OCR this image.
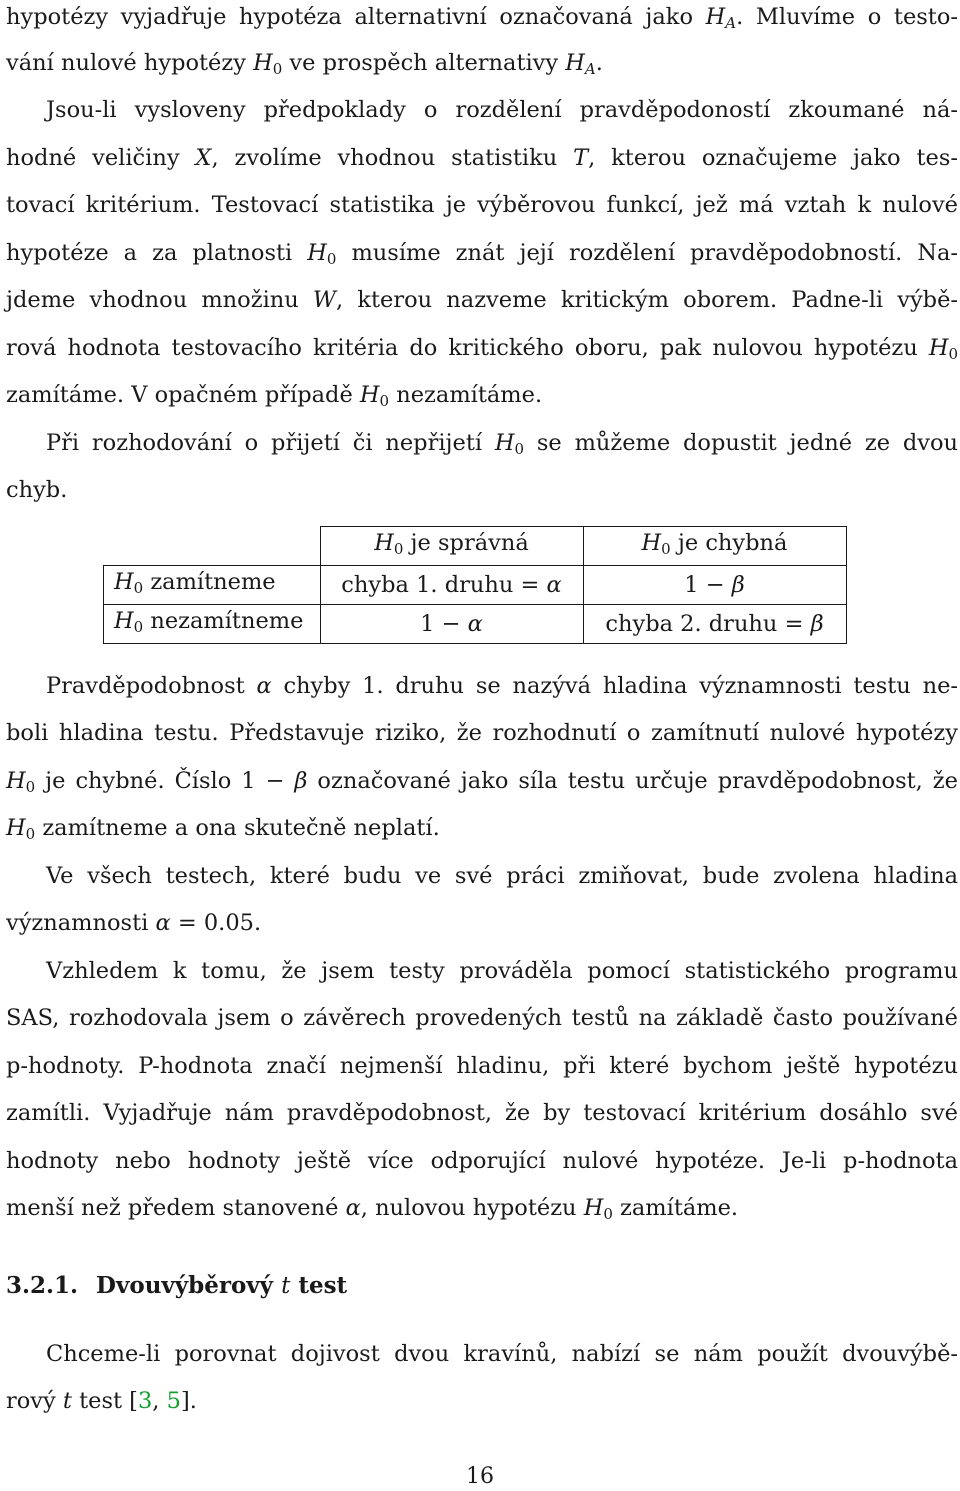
hypotézy vyjadřuje hypotéza alternativní označovaná jako HA. Mluvíme o testo-
vání nulové hypotézy $H_0$ ve prospěch alternativy HA.
Jsou-li vysloveny předpoklady o rozdělení pravděpodoností zkoumané ná-
hodné veličiny X, zvolíme vhodnou statistiku T, kterou označujeme jako tes-
tovací kritérium. Testovací statistika je výběrovou funkcí, jež má vztah k nulové
hypotéze a za platnosti $H_0$ musíme znát její rozdělení pravděpodobností. Na-
jdeme vhodnou množinu W, kterou nazveme kritickým oborem. Padne-li výbě-
rová hodnota testovacího kritéria do kritického oboru, pak nulovou hypotézu $H_0$
zamítáme. V opačném případě $H_0$ nezamítáme.
Při rozhodování o přijetí či nepřijetí $H_0$ se můžeme dopustit jedné ze dvou
chyb.
	$H_0$ je správná	$H_0$ je chybná
$H_0$ zamítneme	chyba 1. druhu = α	1 − β
$H_0$ nezamítneme	1 − α	chyba 2. druhu = β
Pravděpodobnost α chyby 1. druhu se nazývá hladina významnosti testu ne-
boli hladina testu. Představuje riziko, že rozhodnutí o zamítnutí nulové hypotézy
$H_0$ je chybné. Číslo 1 − β označované jako síla testu určuje pravděpodobnost, že
$H_0$ zamítneme a ona skutečně neplatí.
Ve všech testech, které budu ve své práci zmiňovat, bude zvolena hladina
významnosti α = 0.05.
Vzhledem k tomu, že jsem testy prováděla pomocí statistického programu
SAS, rozhodovala jsem o závěrech provedených testů na základě často používané
p-hodnoty. P-hodnota značí nejmenší hladinu, při které bychom ještě hypotézu
zamítli. Vyjadřuje nám pravděpodobnost, že by testovací kritérium dosáhlo své
hodnoty nebo hodnoty ještě více odporující nulové hypotéze. Je-li p-hodnota
menší než předem stanovené α, nulovou hypotézu $H_0$ zamítáme.
3.2.1. Dvouvýběrový t test
Chceme-li porovnat dojivost dvou kravínů, nabízí se nám použít dvouvýbě-
rový t test [3, 5].
16
